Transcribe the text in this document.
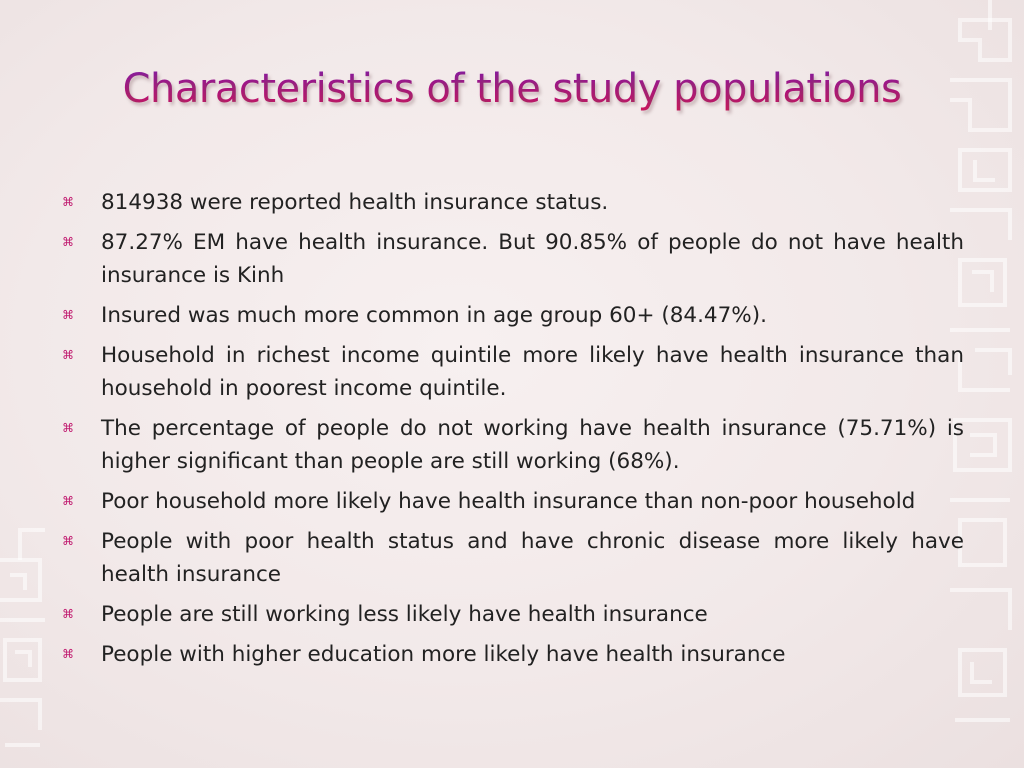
Characteristics of the study populations
⌘ 814938 were reported health insurance status.
⌘ 87.27% EM have health insurance. But 90.85% of people do not have health insurance is Kinh
⌘ Insured was much more common in age group 60+ (84.47%).
⌘ Household in richest income quintile more likely have health insurance than household in poorest income quintile.
⌘ The percentage of people do not working have health insurance (75.71%) is higher significant than people are still working (68%).
⌘ Poor household more likely have health insurance than non-poor household
⌘ People with poor health status and have chronic disease more likely have health insurance
⌘ People are still working less likely have health insurance
⌘ People with higher education more likely have health insurance
